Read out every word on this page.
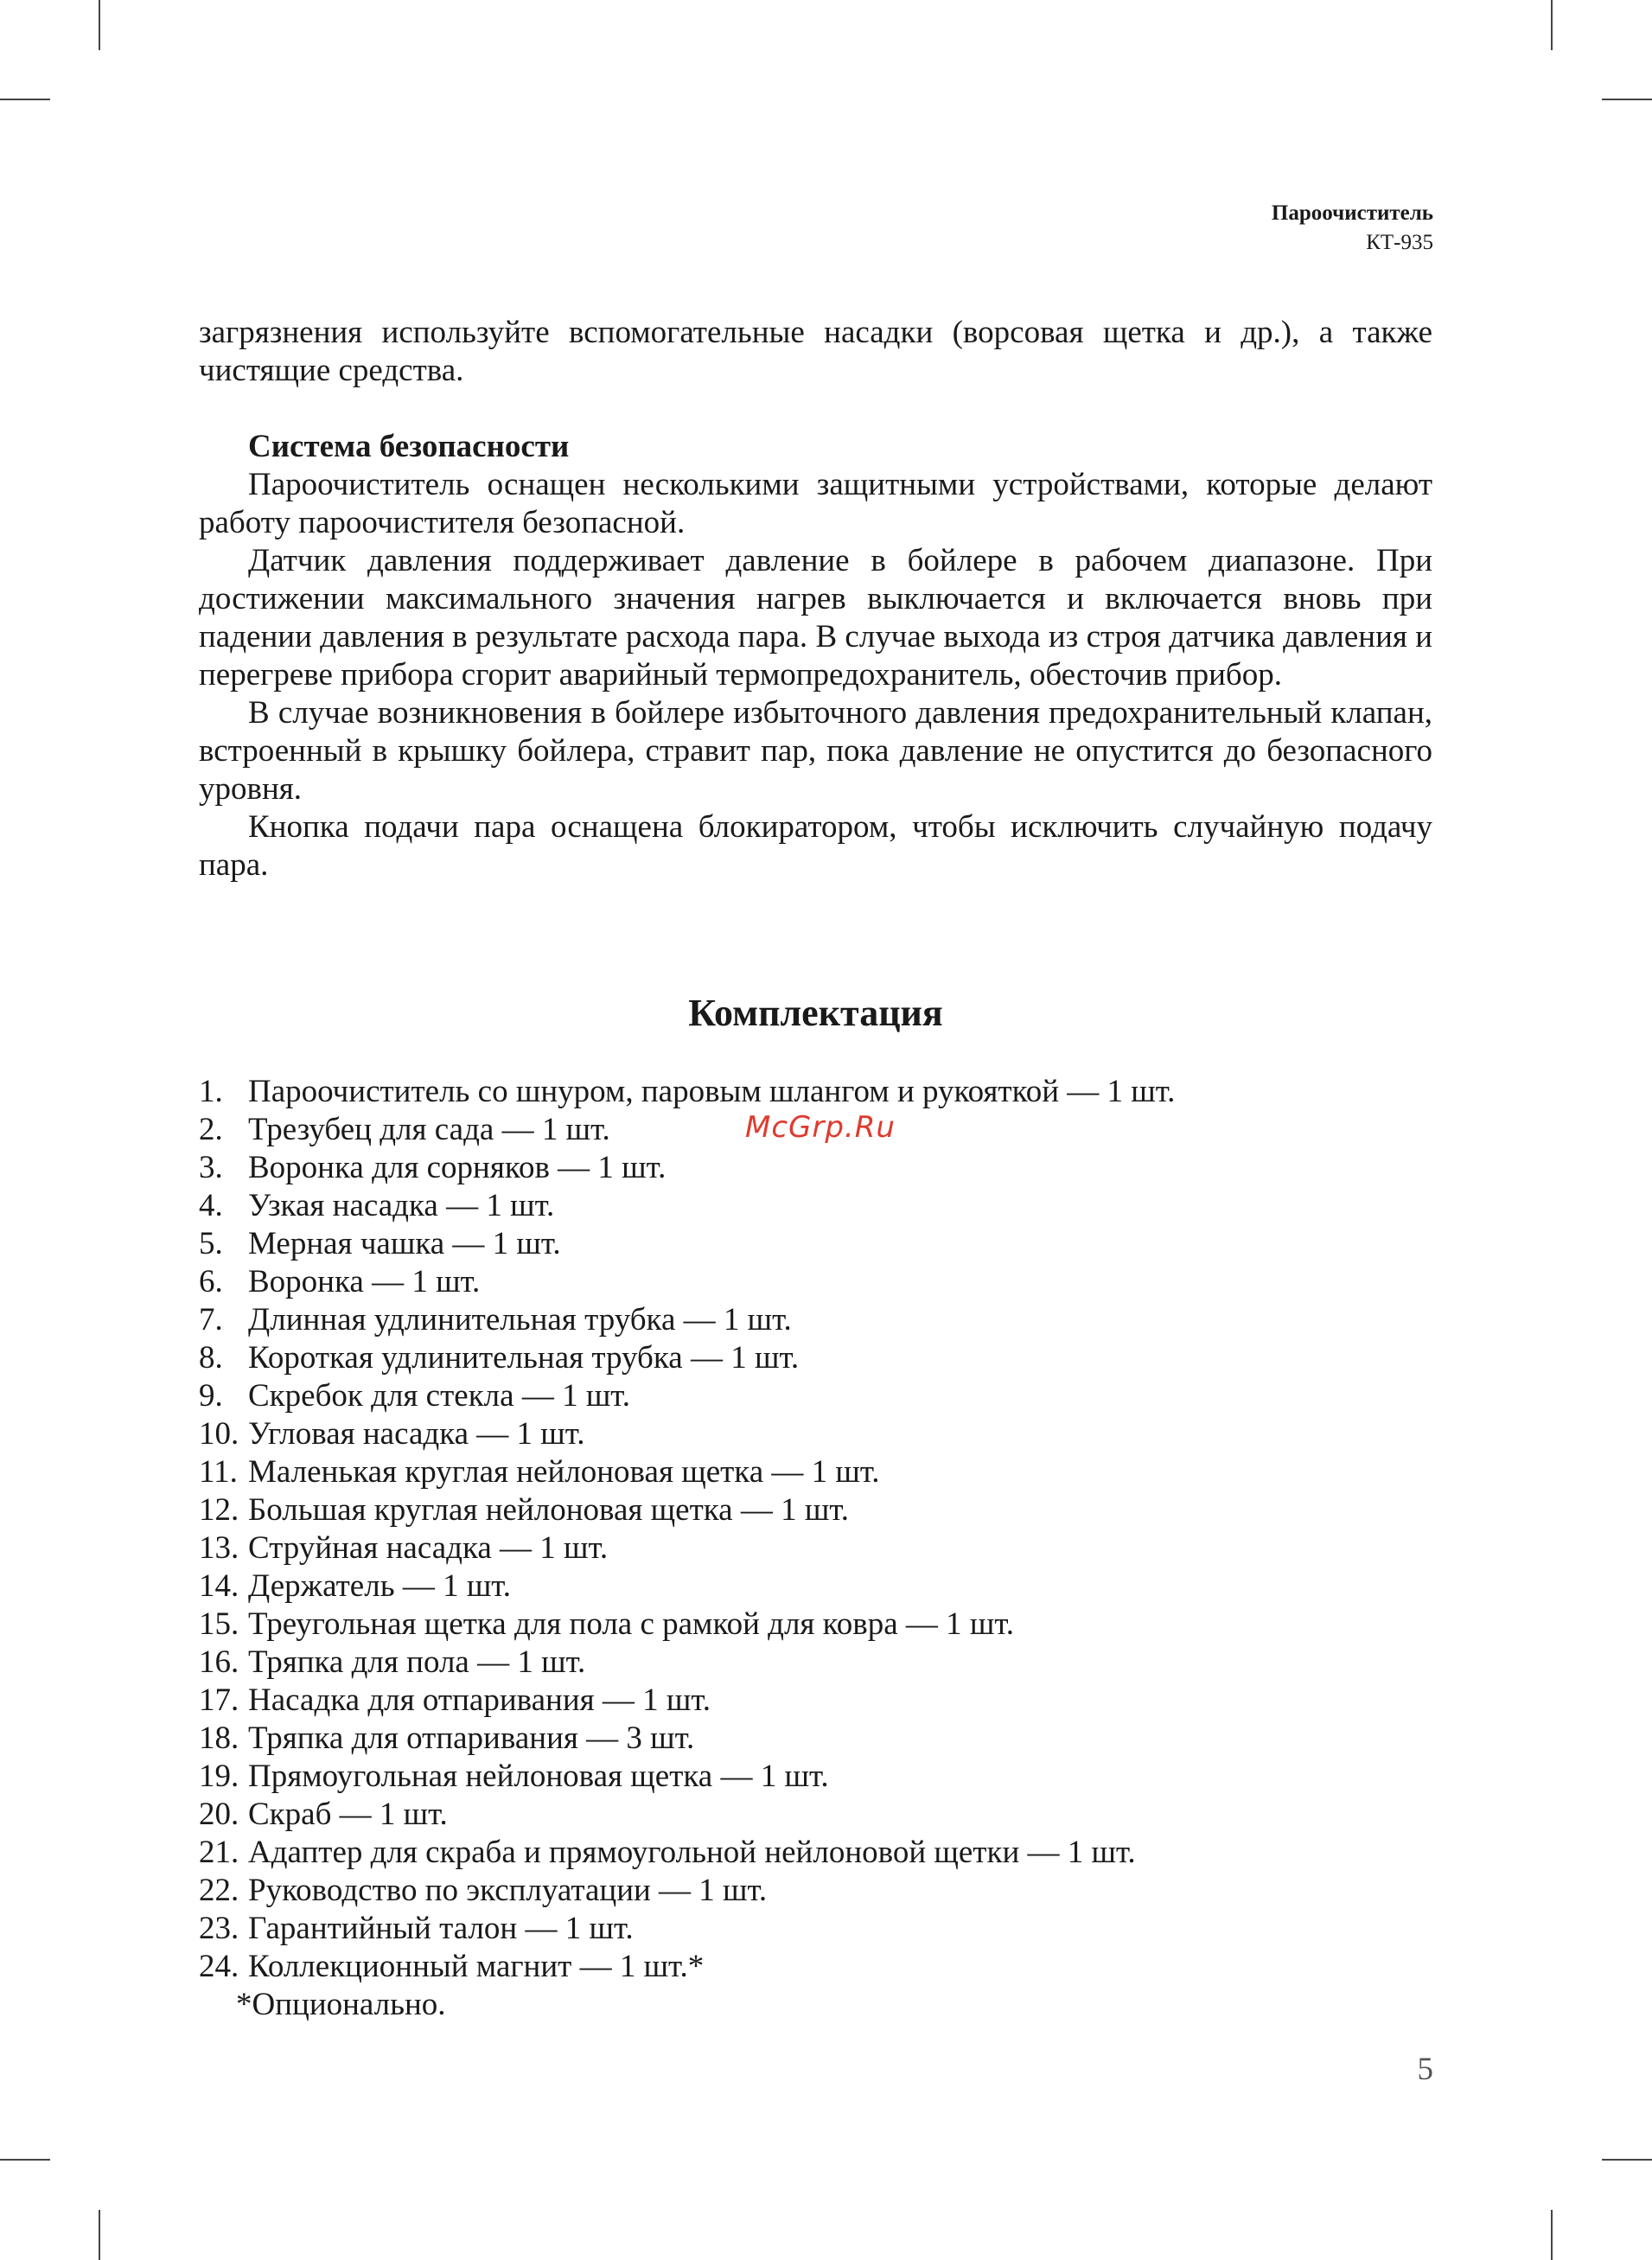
Пароочиститель
КТ-935

загрязнения используйте вспомогательные насадки (ворсовая щетка и др.), а также чистящие средства.

Система безопасности

Пароочиститель оснащен несколькими защитными устройствами, которые делают работу пароочистителя безопасной.

Датчик давления поддерживает давление в бойлере в рабочем диапазоне. При достижении максимального значения нагрев выключается и включается вновь при падении давления в результате расхода пара. В случае выхода из строя датчика давления и перегреве прибора сгорит аварийный термопредохранитель, обесточив прибор.

В случае возникновения в бойлере избыточного давления предохранительный клапан, встроенный в крышку бойлера, стравит пар, пока давление не опустится до безопасного уровня.

Кнопка подачи пара оснащена блокиратором, чтобы исключить случайную подачу пара.

Комплектация
1. Пароочиститель со шнуром, паровым шлангом и рукояткой — 1 шт.
2. Трезубец для сада — 1 шт.
3. Воронка для сорняков — 1 шт.
4. Узкая насадка — 1 шт.
5. Мерная чашка — 1 шт.
6. Воронка — 1 шт.
7. Длинная удлинительная трубка — 1 шт.
8. Короткая удлинительная трубка — 1 шт.
9. Скребок для стекла — 1 шт.
10. Угловая насадка — 1 шт.
11. Маленькая круглая нейлоновая щетка — 1 шт.
12. Большая круглая нейлоновая щетка — 1 шт.
13. Струйная насадка — 1 шт.
14. Держатель — 1 шт.
15. Треугольная щетка для пола с рамкой для ковра — 1 шт.
16. Тряпка для пола — 1 шт.
17. Насадка для отпаривания — 1 шт.
18. Тряпка для отпаривания — 3 шт.
19. Прямоугольная нейлоновая щетка — 1 шт.
20. Скраб — 1 шт.
21. Адаптер для скраба и прямоугольной нейлоновой щетки — 1 шт.
22. Руководство по эксплуатации — 1 шт.
23. Гарантийный талон — 1 шт.
24. Коллекционный магнит — 1 шт.*
*Опционально.
McGrp.Ru
5
